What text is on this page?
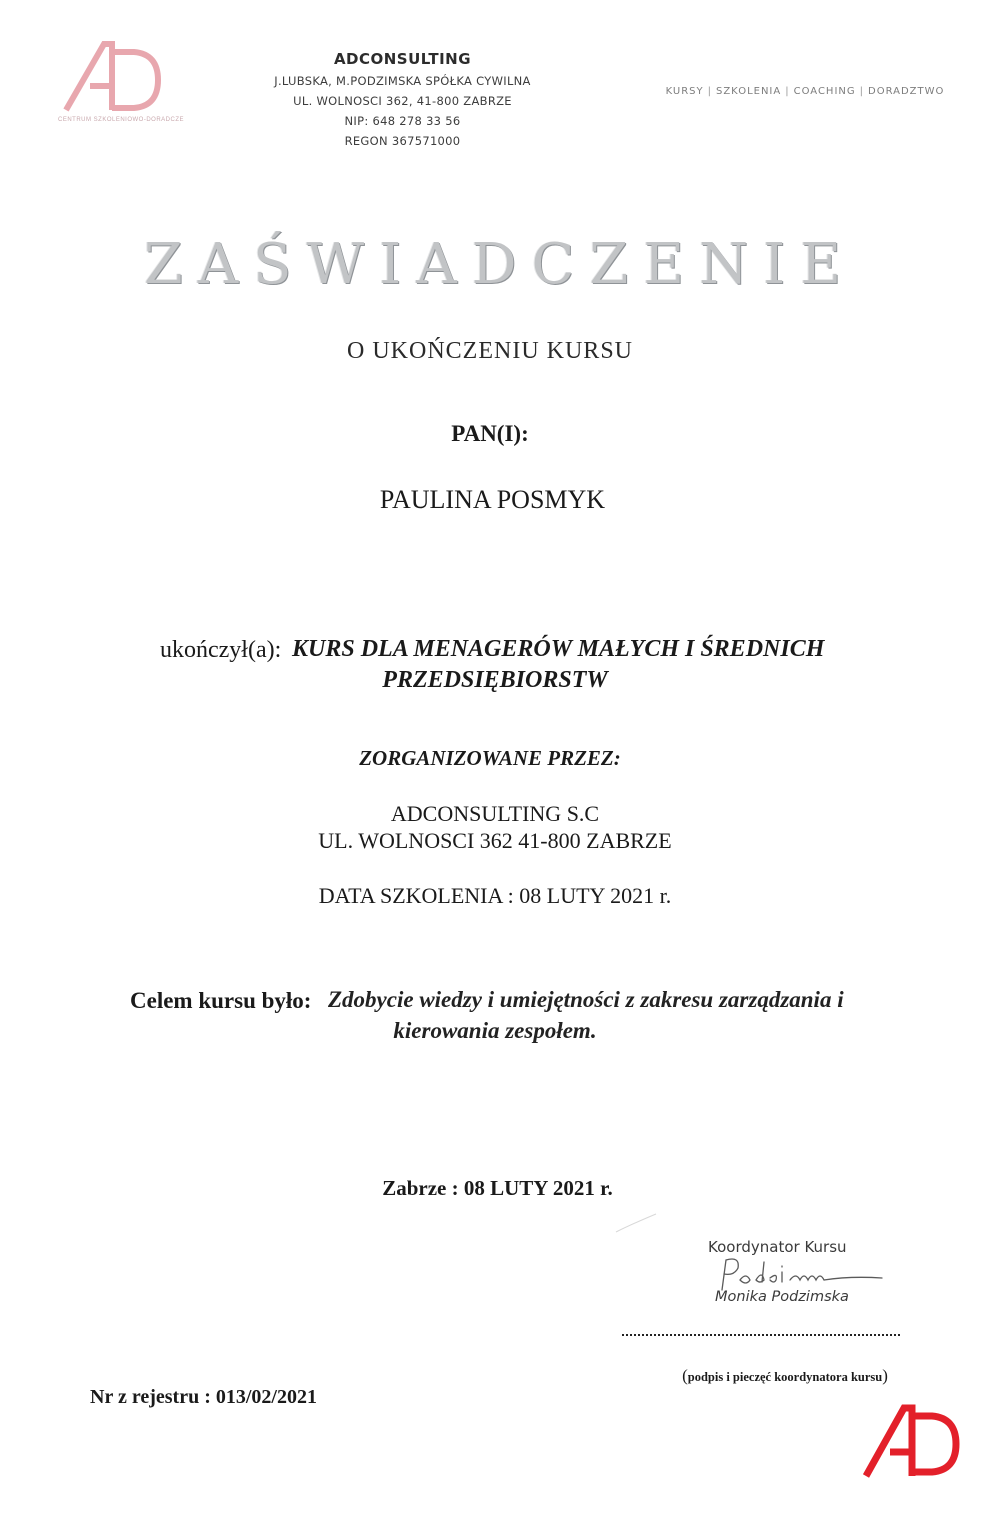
CENTRUM SZKOLENIOWO-DORADCZE
ADCONSULTING
J.LUBSKA, M.PODZIMSKA SPÓŁKA CYWILNA
UL. WOLNOSCI 362, 41-800 ZABRZE
NIP: 648 278 33 56
REGON 367571000
KURSY | SZKOLENIA | COACHING | DORADZTWO
ZAŚWIADCZENIE
O UKOŃCZENIU KURSU
PAN(I):
PAULINA POSMYK
ukończył(a): KURS DLA MENAGERÓW MAŁYCH I ŚREDNICH
PRZEDSIĘBIORSTW
ZORGANIZOWANE PRZEZ:
ADCONSULTING S.C
UL. WOLNOSCI 362 41-800 ZABRZE
DATA SZKOLENIA : 08 LUTY 2021 r.
Celem kursu było: Zdobycie wiedzy i umiejętności z zakresu zarządzania i
kierowania zespołem.
Zabrze : 08 LUTY 2021 r.
Koordynator Kursu
Monika Podzimska
(podpis i pieczęć koordynatora kursu)
Nr z rejestru : 013/02/2021
